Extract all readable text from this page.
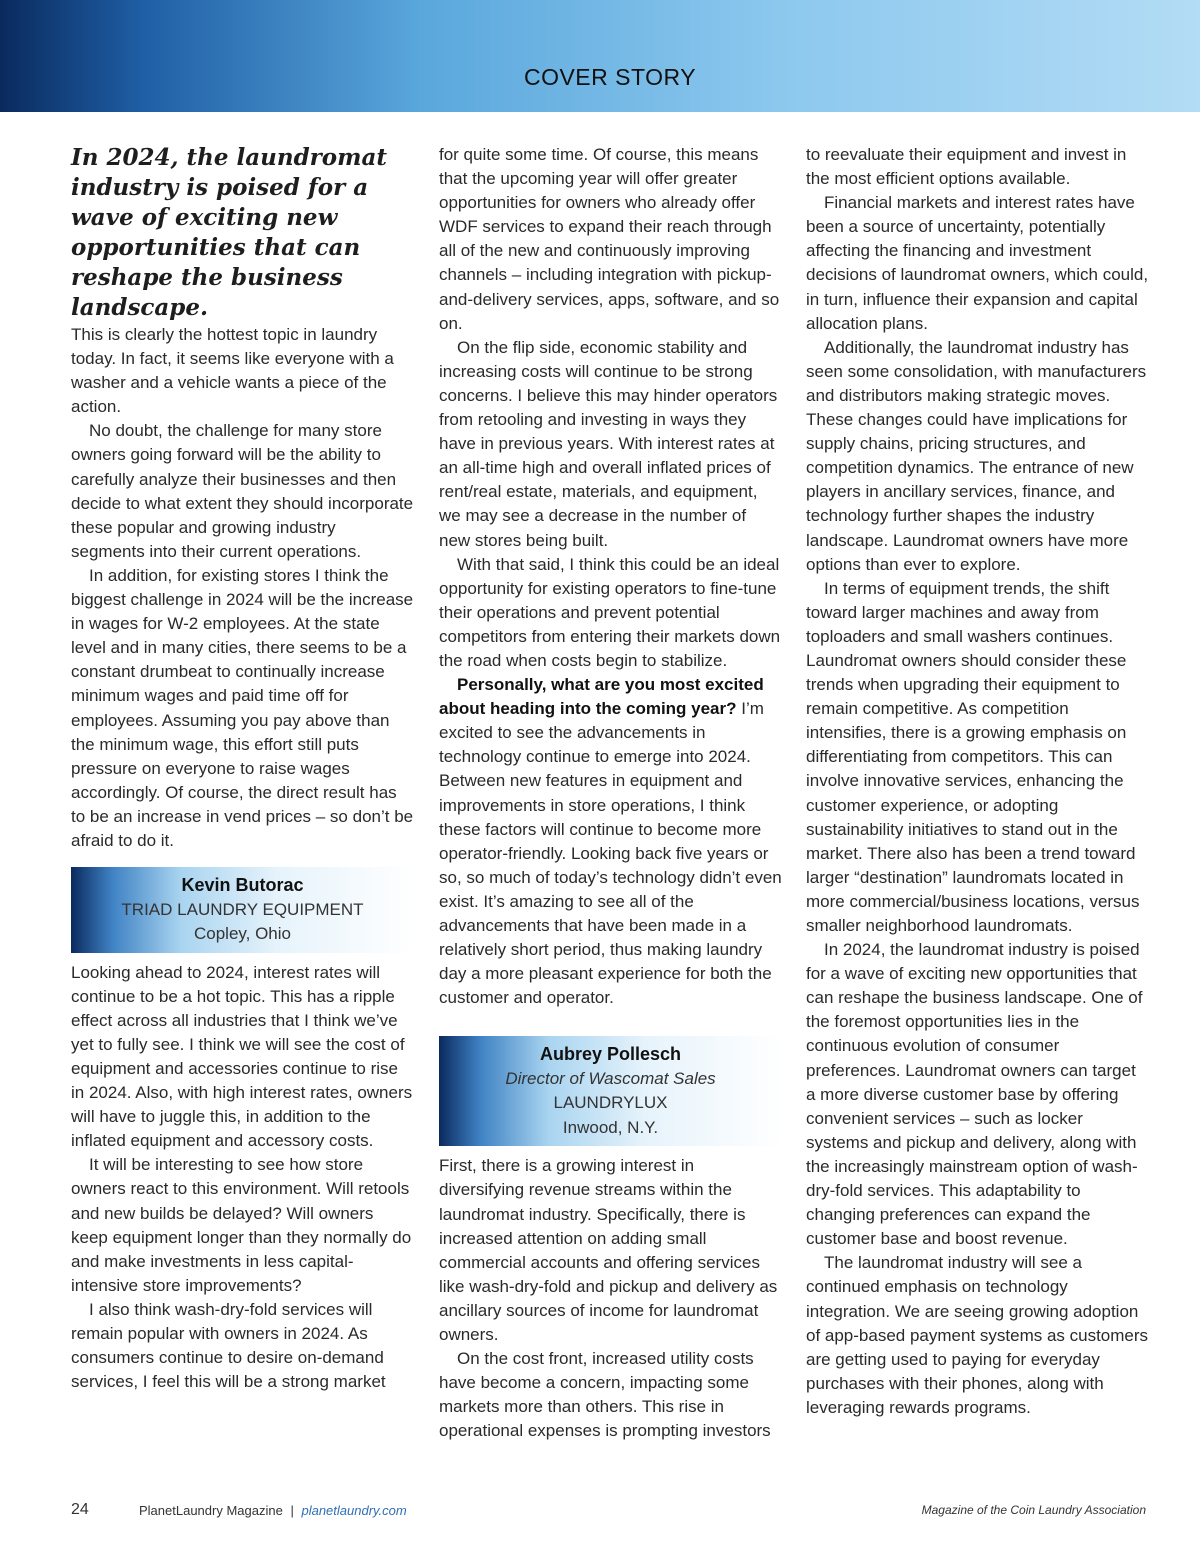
COVER STORY

In 2024, the laundromat industry is poised for a wave of exciting new opportunities that can reshape the business landscape.

This is clearly the hottest topic in laundry today. In fact, it seems like everyone with a washer and a vehicle wants a piece of the action.

No doubt, the challenge for many store owners going forward will be the ability to carefully analyze their businesses and then decide to what extent they should incorporate these popular and growing industry segments into their current operations.

In addition, for existing stores I think the biggest challenge in 2024 will be the increase in wages for W-2 employees. At the state level and in many cities, there seems to be a constant drumbeat to continually increase minimum wages and paid time off for employees. Assuming you pay above than the minimum wage, this effort still puts pressure on everyone to raise wages accordingly. Of course, the direct result has to be an increase in vend prices – so don’t be afraid to do it.

Kevin Butorac
TRIAD LAUNDRY EQUIPMENT
Copley, Ohio

Looking ahead to 2024, interest rates will continue to be a hot topic. This has a ripple effect across all industries that I think we’ve yet to fully see. I think we will see the cost of equipment and accessories continue to rise in 2024. Also, with high interest rates, owners will have to juggle this, in addition to the inflated equipment and accessory costs.

It will be interesting to see how store owners react to this environment. Will retools and new builds be delayed? Will owners keep equipment longer than they normally do and make investments in less capital-intensive store improvements?

I also think wash-dry-fold services will remain popular with owners in 2024. As consumers continue to desire on-demand services, I feel this will be a strong market

for quite some time. Of course, this means that the upcoming year will offer greater opportunities for owners who already offer WDF services to expand their reach through all of the new and continuously improving channels – including integration with pickup-and-delivery services, apps, software, and so on.

On the flip side, economic stability and increasing costs will continue to be strong concerns. I believe this may hinder operators from retooling and investing in ways they have in previous years. With interest rates at an all-time high and overall inflated prices of rent/real estate, materials, and equipment, we may see a decrease in the number of new stores being built.

With that said, I think this could be an ideal opportunity for existing operators to fine-tune their operations and prevent potential competitors from entering their markets down the road when costs begin to stabilize.

Personally, what are you most excited about heading into the coming year? I’m excited to see the advancements in technology continue to emerge into 2024. Between new features in equipment and improvements in store operations, I think these factors will continue to become more operator-friendly. Looking back five years or so, so much of today’s technology didn’t even exist. It’s amazing to see all of the advancements that have been made in a relatively short period, thus making laundry day a more pleasant experience for both the customer and operator.

Aubrey Pollesch
Director of Wascomat Sales
LAUNDRYLUX
Inwood, N.Y.

First, there is a growing interest in diversifying revenue streams within the laundromat industry. Specifically, there is increased attention on adding small commercial accounts and offering services like wash-dry-fold and pickup and delivery as ancillary sources of income for laundromat owners.

On the cost front, increased utility costs have become a concern, impacting some markets more than others. This rise in operational expenses is prompting investors

to reevaluate their equipment and invest in the most efficient options available.

Financial markets and interest rates have been a source of uncertainty, potentially affecting the financing and investment decisions of laundromat owners, which could, in turn, influence their expansion and capital allocation plans.

Additionally, the laundromat industry has seen some consolidation, with manufacturers and distributors making strategic moves. These changes could have implications for supply chains, pricing structures, and competition dynamics. The entrance of new players in ancillary services, finance, and technology further shapes the industry landscape. Laundromat owners have more options than ever to explore.

In terms of equipment trends, the shift toward larger machines and away from toploaders and small washers continues. Laundromat owners should consider these trends when upgrading their equipment to remain competitive. As competition intensifies, there is a growing emphasis on differentiating from competitors. This can involve innovative services, enhancing the customer experience, or adopting sustainability initiatives to stand out in the market. There also has been a trend toward larger “destination” laundromats located in more commercial/business locations, versus smaller neighborhood laundromats.

In 2024, the laundromat industry is poised for a wave of exciting new opportunities that can reshape the business landscape. One of the foremost opportunities lies in the continuous evolution of consumer preferences. Laundromat owners can target a more diverse customer base by offering convenient services – such as locker systems and pickup and delivery, along with the increasingly mainstream option of wash-dry-fold services. This adaptability to changing preferences can expand the customer base and boost revenue.

The laundromat industry will see a continued emphasis on technology integration. We are seeing growing adoption of app-based payment systems as customers are getting used to paying for everyday purchases with their phones, along with leveraging rewards programs.

24	PlanetLaundry Magazine | planetlaundry.com	Magazine of the Coin Laundry Association
